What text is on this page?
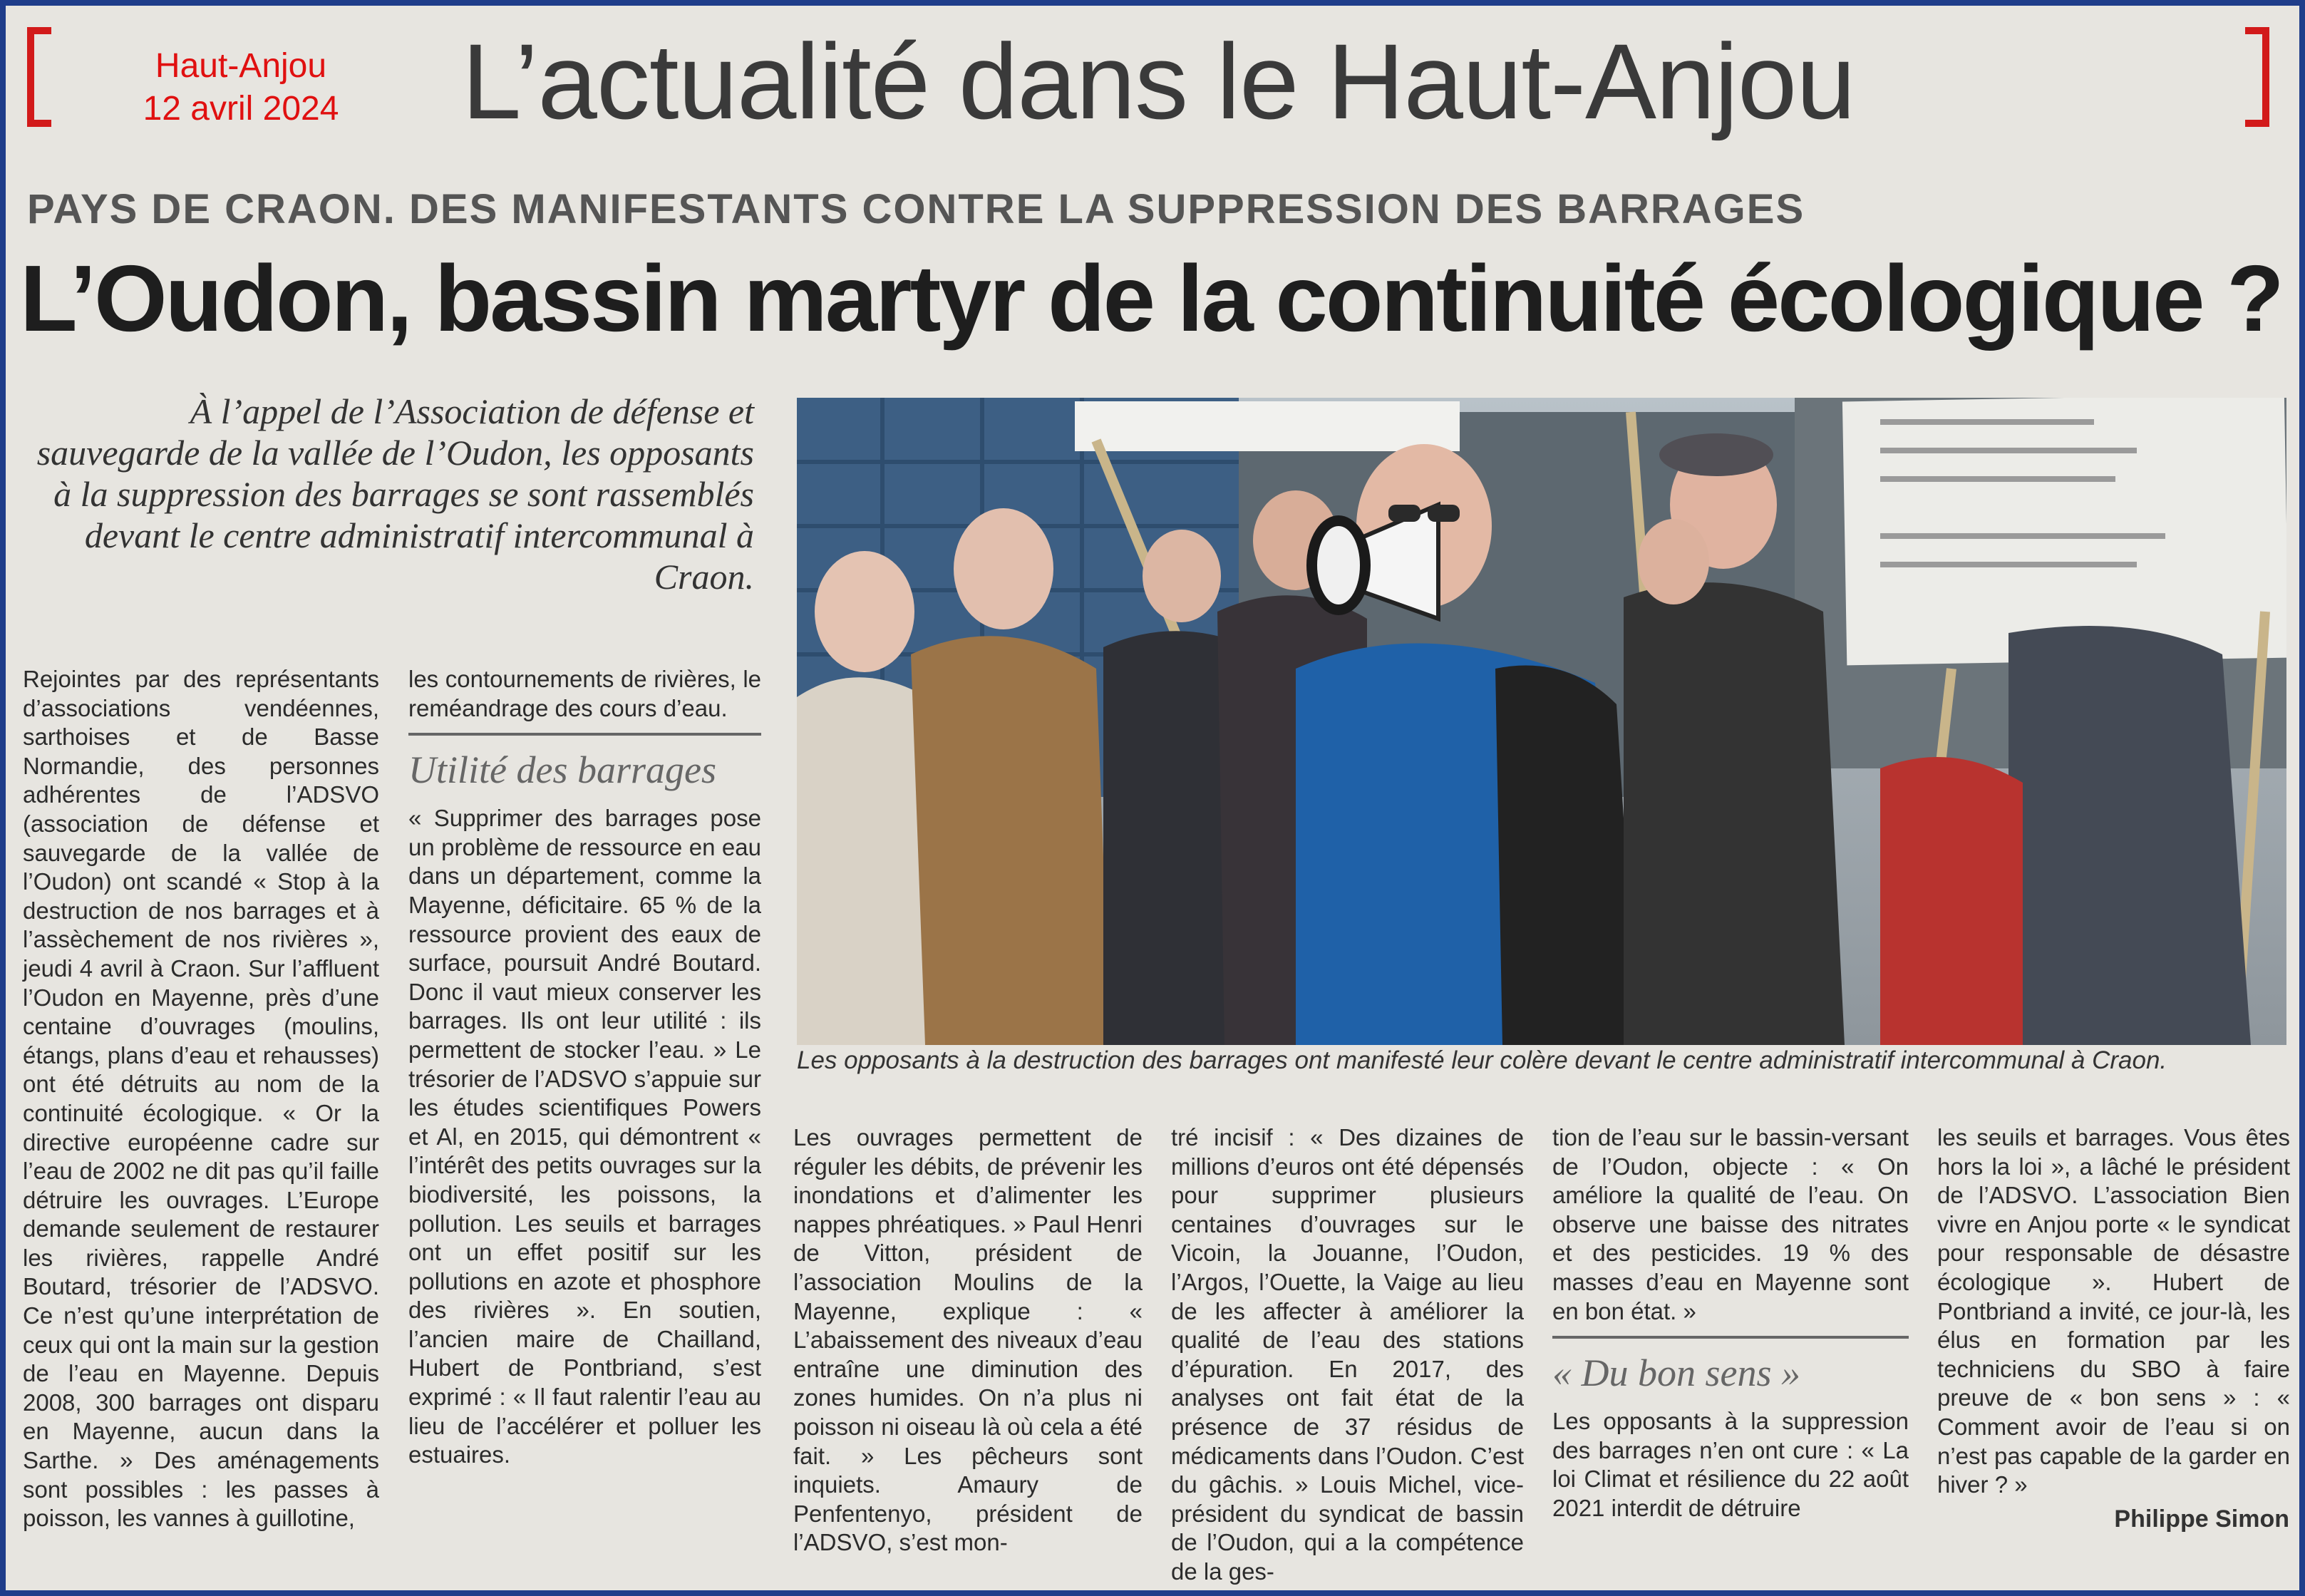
Haut-Anjou
12 avril 2024	L’actualité dans le Haut-Anjou
PAYS DE CRAON. DES MANIFESTANTS CONTRE LA SUPPRESSION DES BARRAGES
L’Oudon, bassin martyr de la continuité écologique ?
À l’appel de l’Association de défense et sauvegarde de la vallée de l’Oudon, les opposants à la suppression des barrages se sont rassemblés devant le centre administratif intercommunal à Craon.
Les opposants à la destruction des barrages ont manifesté leur colère devant le centre administratif intercommunal à Craon.

Rejointes par des représentants d’associations vendéennes, sarthoises et de Basse Normandie, des personnes adhérentes de l’ADSVO (association de défense et sauvegarde de la vallée de l’Oudon) ont scandé « Stop à la destruction de nos barrages et à l’assèchement de nos rivières », jeudi 4 avril à Craon. Sur l’affluent l’Oudon en Mayenne, près d’une centaine d’ouvrages (moulins, étangs, plans d’eau et rehausses) ont été détruits au nom de la continuité écologique. « Or la directive européenne cadre sur l’eau de 2002 ne dit pas qu’il faille détruire les ouvrages. L’Europe demande seulement de restaurer les rivières, rappelle André Boutard, trésorier de l’ADSVO. Ce n’est qu’une interprétation de ceux qui ont la main sur la gestion de l’eau en Mayenne. Depuis 2008, 300 barrages ont disparu en Mayenne, aucun dans la Sarthe. » Des aménagements sont possibles : les passes à poisson, les vannes à guillotine,

les contournements de rivières, le reméandrage des cours d’eau.

Utilité des barrages

« Supprimer des barrages pose un problème de ressource en eau dans un département, comme la Mayenne, déficitaire. 65 % de la ressource provient des eaux de surface, poursuit André Boutard. Donc il vaut mieux conserver les barrages. Ils ont leur utilité : ils permettent de stocker l’eau. » Le trésorier de l’ADSVO s’appuie sur les études scientifiques Powers et Al, en 2015, qui démontrent « l’intérêt des petits ouvrages sur la biodiversité, les poissons, la pollution. Les seuils et barrages ont un effet positif sur les pollutions en azote et phosphore des rivières ». En soutien, l’ancien maire de Chailland, Hubert de Pontbriand, s’est exprimé : « Il faut ralentir l’eau au lieu de l’accélérer et polluer les estuaires.

Les ouvrages permettent de réguler les débits, de prévenir les inondations et d’alimenter les nappes phréatiques. » Paul Henri de Vitton, président de l’association Moulins de la Mayenne, explique : « L’abaissement des niveaux d’eau entraîne une diminution des zones humides. On n’a plus ni poisson ni oiseau là où cela a été fait. » Les pêcheurs sont inquiets. Amaury de Penfentenyo, président de l’ADSVO, s’est mon-

tré incisif : « Des dizaines de millions d’euros ont été dépensés pour supprimer plusieurs centaines d’ouvrages sur le Vicoin, la Jouanne, l’Oudon, l’Argos, l’Ouette, la Vaige au lieu de les affecter à améliorer la qualité de l’eau des stations d’épuration. En 2017, des analyses ont fait état de la présence de 37 résidus de médicaments dans l’Oudon. C’est du gâchis. » Louis Michel, vice-président du syndicat de bassin de l’Oudon, qui a la compétence de la ges-

tion de l’eau sur le bassin-versant de l’Oudon, objecte : « On améliore la qualité de l’eau. On observe une baisse des nitrates et des pesticides. 19 % des masses d’eau en Mayenne sont en bon état. »

« Du bon sens »

Les opposants à la suppression des barrages n’en ont cure : « La loi Climat et résilience du 22 août 2021 interdit de détruire

les seuils et barrages. Vous êtes hors la loi », a lâché le président de l’ADSVO. L’association Bien vivre en Anjou porte « le syndicat pour responsable de désastre écologique ». Hubert de Pontbriand a invité, ce jour-là, les élus en formation par les techniciens du SBO à faire preuve de « bon sens » : « Comment avoir de l’eau si on n’est pas capable de la garder en hiver ? »

Philippe Simon
